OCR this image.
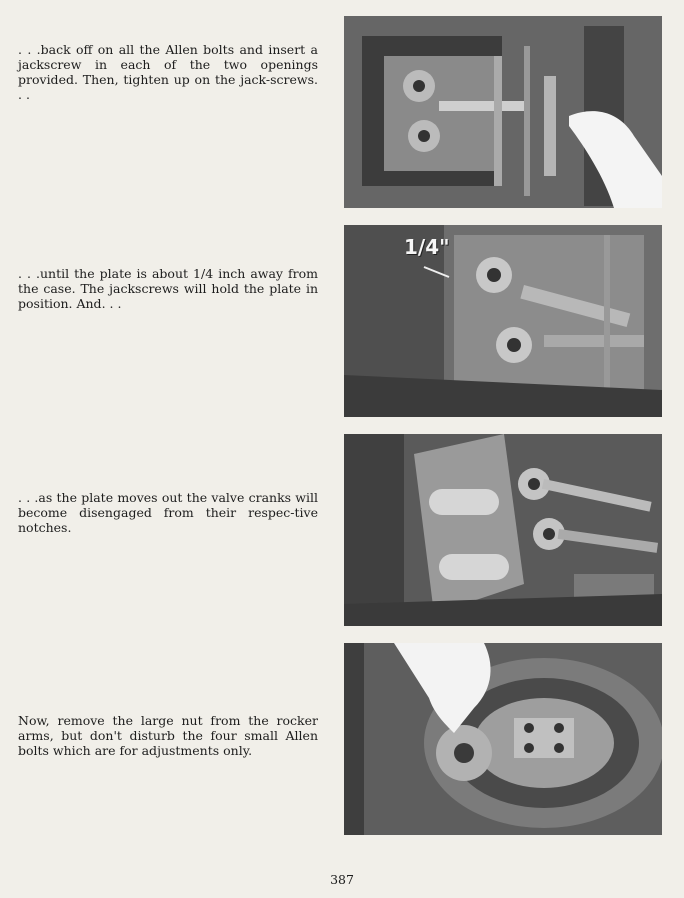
. . .back off on all the Allen bolts and insert a jackscrew in each of the two openings provided. Then, tighten up on the jack-screws. . .

. . .until the plate is about 1/4 inch away from the case. The jackscrews will hold the plate in position. And. . .

. . .as the plate moves out the valve cranks will become disengaged from their respec-tive notches.

Now, remove the large nut from the rocker arms, but don't disturb the four small Allen bolts which are for adjustments only.

1/4"
387
